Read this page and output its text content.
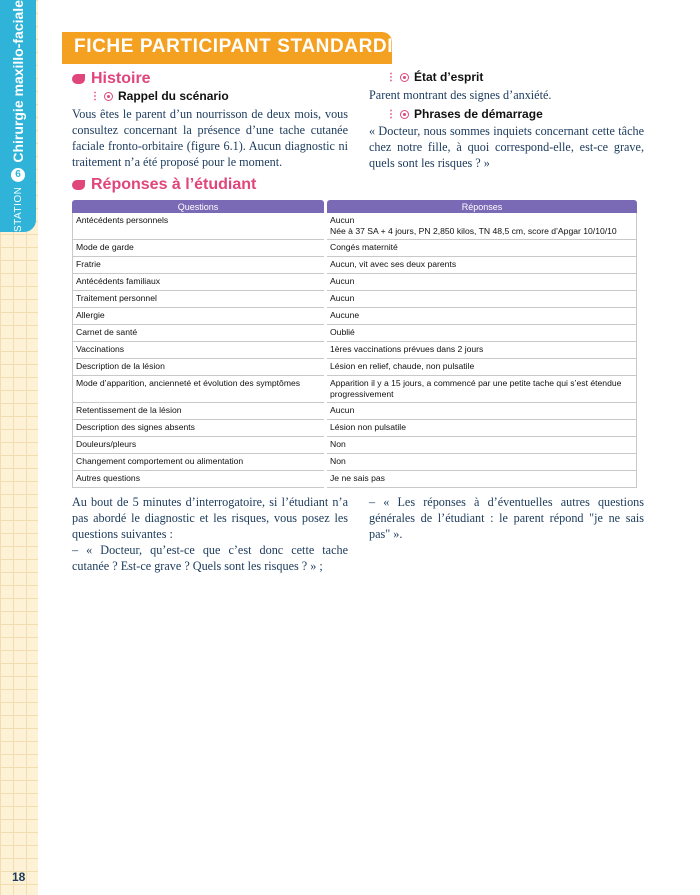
STATION
6
Chirurgie maxillo-faciale
18
FICHE PARTICIPANT STANDARDISÉ
Histoire
⋮ Rappel du scénario
Vous êtes le parent d’un nourrisson de deux mois, vous consultez concernant la présence d’une tache cutanée faciale fronto-orbitaire (figure 6.1). Aucun diagnostic ni traitement n’a été proposé pour le moment.
⋮ État d’esprit
Parent montrant des signes d’anxiété.
⋮ Phrases de démarrage
« Docteur, nous sommes inquiets concernant cette tâche chez notre fille, à quoi correspond-elle, est-ce grave, quels sont les risques ? »
Réponses à l’étudiant
Questions	Réponses
Antécédents personnels	Aucun
Née à 37 SA + 4 jours, PN 2,850 kilos, TN 48,5 cm, score d’Apgar 10/10/10

Mode de garde	Congés maternité
Fratrie	Aucun, vit avec ses deux parents
Antécédents familiaux	Aucun
Traitement personnel	Aucun
Allergie	Aucune
Carnet de santé	Oublié
Vaccinations	1ères vaccinations prévues dans 2 jours
Description de la lésion	Lésion en relief, chaude, non pulsatile
Mode d’apparition, ancienneté et évolution des symptômes	Apparition il y a 15 jours, a commencé par une petite tache qui s’est étendue progressivement
Retentissement de la lésion	Aucun
Description des signes absents	Lésion non pulsatile
Douleurs/pleurs	Non
Changement comportement ou alimentation	Non
Autres questions	Je ne sais pas
Au bout de 5 minutes d’interrogatoire, si l’étudiant n’a pas abordé le diagnostic et les risques, vous posez les questions suivantes :
– « Docteur, qu’est-ce que c’est donc cette tache cutanée ? Est-ce grave ? Quels sont les risques ? » ;
– « Les réponses à d’éventuelles autres questions générales de l’étudiant : le parent répond "je ne sais pas" ».
